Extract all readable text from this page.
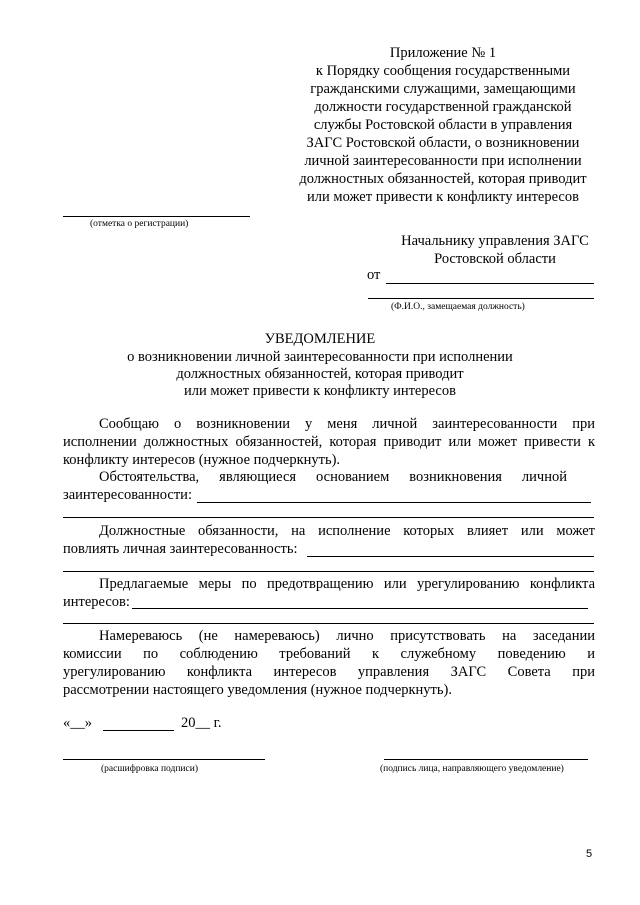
Приложение № 1
к Порядку сообщения государственными
гражданскими служащими, замещающими
должности государственной гражданской
службы Ростовской области в управления
ЗАГС Ростовской области, о возникновении
личной заинтересованности при исполнении
должностных обязанностей, которая приводит
или может привести к конфликту интересов
(отметка о регистрации)
Начальнику управления ЗАГС
Ростовской области
от
(Ф.И.О., замещаемая должность)
УВЕДОМЛЕНИЕ
о возникновении личной заинтересованности при исполнении
должностных обязанностей, которая приводит
или может привести к конфликту интересов
Сообщаю о возникновении у меня личной заинтересованности при
исполнении должностных обязанностей, которая приводит или может привести к
конфликту интересов (нужное подчеркнуть).
Обстоятельства, являющиеся основанием возникновения личной
заинтересованности:
Должностные обязанности, на исполнение которых влияет или может
повлиять личная заинтересованность:
Предлагаемые меры по предотвращению или урегулированию конфликта
интересов:
Намереваюсь (не намереваюсь) лично присутствовать на заседании
комиссии по соблюдению требований к служебному поведению и
урегулированию конфликта интересов управления ЗАГС Совета при
рассмотрении настоящего уведомления (нужное подчеркнуть).
«__»	20__ г.
(расшифровка подписи)	(подпись лица, направляющего уведомление)
5
